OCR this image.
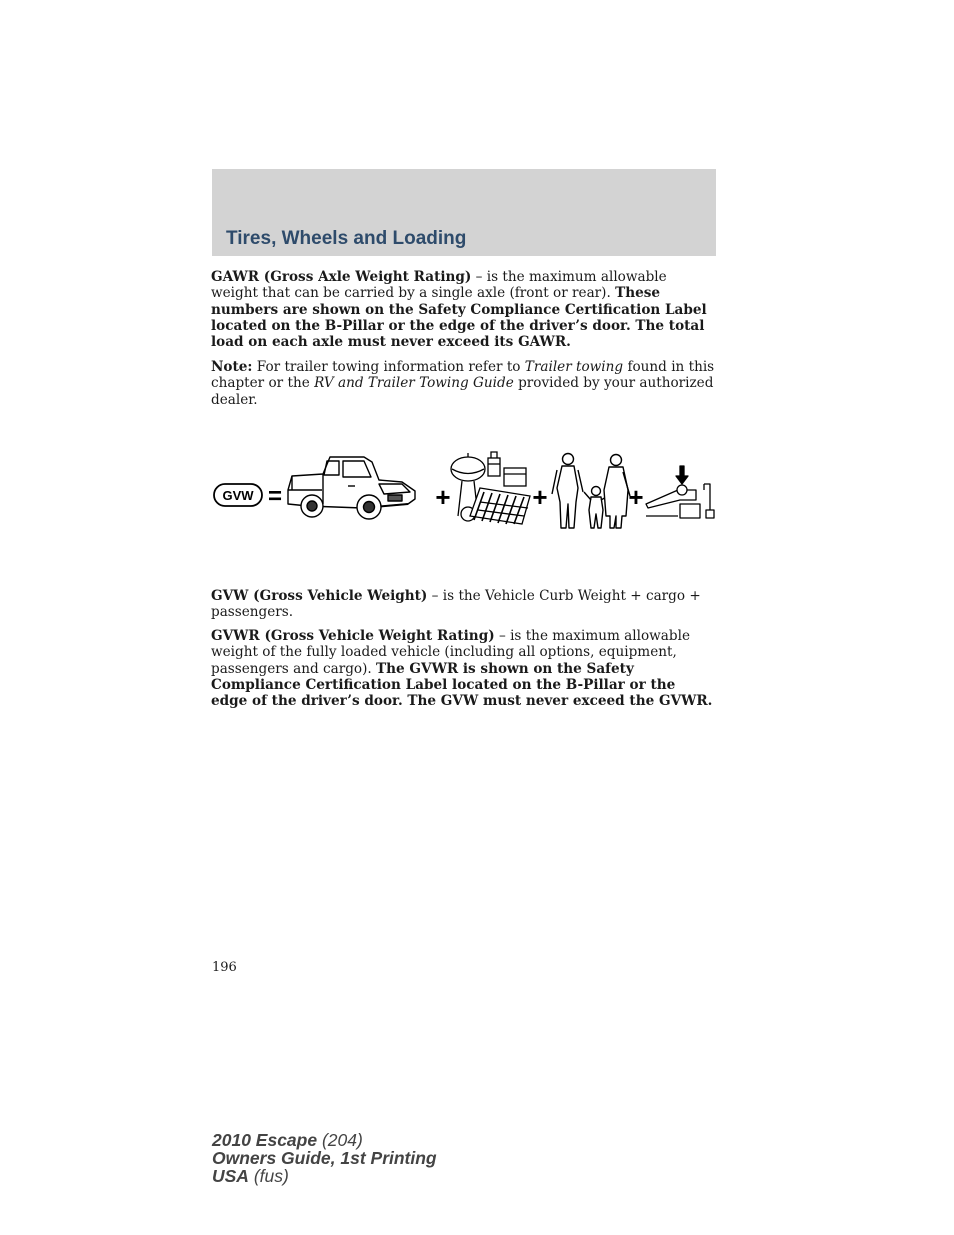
Tires, Wheels and Loading

GAWR (Gross Axle Weight Rating) – is the maximum allowable weight that can be carried by a single axle (front or rear). These numbers are shown on the Safety Compliance Certification Label located on the B-Pillar or the edge of the driver’s door. The total load on each axle must never exceed its GAWR.

Note: For trailer towing information refer to Trailer towing found in this chapter or the RV and Trailer Towing Guide provided by your authorized dealer.

GVW =	+	+	+

GVW (Gross Vehicle Weight) – is the Vehicle Curb Weight + cargo + passengers.

GVWR (Gross Vehicle Weight Rating) – is the maximum allowable weight of the fully loaded vehicle (including all options, equipment, passengers and cargo). The GVWR is shown on the Safety Compliance Certification Label located on the B-Pillar or the edge of the driver’s door. The GVW must never exceed the GVWR.

196
2010 Escape (204)
Owners Guide, 1st Printing
USA (fus)
